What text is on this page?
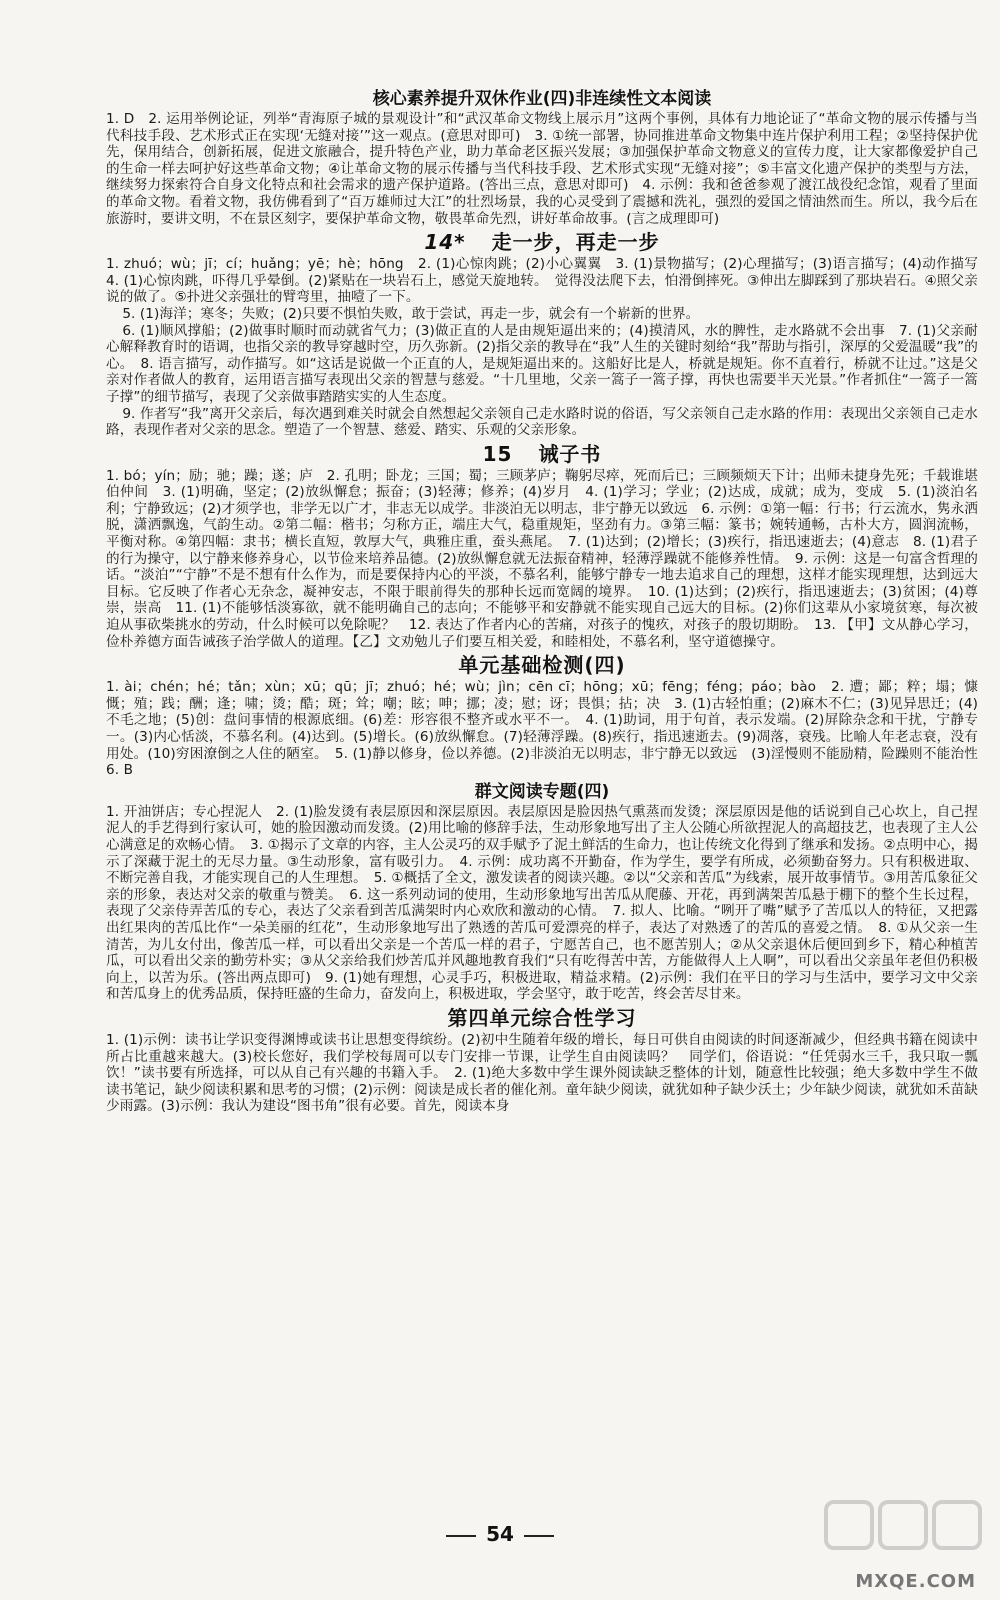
核心素养提升双休作业(四)非连续性文本阅读

1. D　2. 运用举例论证，列举“青海原子城的景观设计”和“武汉革命文物线上展示月”这两个事例，具体有力地论证了“革命文物的展示传播与当代科技手段、艺术形式正在实现‘无缝对接’”这一观点。(意思对即可)　3. ①统一部署，协同推进革命文物集中连片保护利用工程；②坚持保护优先，保用结合，创新拓展，促进文旅融合，提升特色产业，助力革命老区振兴发展；③加强保护革命文物意义的宣传力度，让大家都像爱护自己的生命一样去呵护好这些革命文物；④让革命文物的展示传播与当代科技手段、艺术形式实现“无缝对接”；⑤丰富文化遗产保护的类型与方法，继续努力探索符合自身文化特点和社会需求的遗产保护道路。(答出三点，意思对即可)　4. 示例：我和爸爸参观了渡江战役纪念馆，观看了里面的革命文物。看着文物，我仿佛看到了“百万雄师过大江”的壮烈场景，我的心灵受到了震撼和洗礼，强烈的爱国之情油然而生。所以，我今后在旅游时，要讲文明，不在景区刻字，要保护革命文物，敬畏革命先烈，讲好革命故事。(言之成理即可)

14* 走一步，再走一步

1. zhuó；wù；jī；cí；huǎng；yē；hè；hōng　2. (1)心惊肉跳；(2)小心翼翼　3. (1)景物描写；(2)心理描写；(3)语言描写；(4)动作描写　4. (1)心惊肉跳，吓得几乎晕倒。(2)紧贴在一块岩石上，感觉天旋地转。　觉得没法爬下去，怕滑倒摔死。③伸出左脚踩到了那块岩石。④照父亲说的做了。⑤扑进父亲强壮的臂弯里，抽噎了一下。

5. (1)海洋；寒冬；失败；(2)只要不惧怕失败，敢于尝试，再走一步，就会有一个崭新的世界。

6. (1)顺风撑船；(2)做事时顺时而动就省气力；(3)做正直的人是由规矩逼出来的；(4)摸清风，水的脾性，走水路就不会出事　7. (1)父亲耐心解释教育时的语调，也指父亲的教导穿越时空，历久弥新。(2)指父亲的教导在“我”人生的关键时刻给“我”帮助与指引，深厚的父爱温暖“我”的心。　8. 语言描写，动作描写。如“这话是说做一个正直的人，是规矩逼出来的。这船好比是人，桥就是规矩。你不直着行，桥就不让过。”这是父亲对作者做人的教育，运用语言描写表现出父亲的智慧与慈爱。“十几里地，父亲一篙子一篙子撑，再快也需要半天光景。”作者抓住“一篙子一篙子撑”的细节描写，表现了父亲做事踏踏实实的人生态度。

9. 作者写“我”离开父亲后，每次遇到难关时就会自然想起父亲领自己走水路时说的俗语，写父亲领自己走水路的作用：表现出父亲领自己走水路，表现作者对父亲的思念。塑造了一个智慧、慈爱、踏实、乐观的父亲形象。

15 诫子书

1. bó；yín；励；驰；躁；遂；庐　2. 孔明；卧龙；三国；蜀；三顾茅庐；鞠躬尽瘁，死而后已；三顾频烦天下计；出师未捷身先死；千载谁堪伯仲间　3. (1)明确，坚定；(2)放纵懈怠；振奋；(3)轻薄；修养；(4)岁月　4. (1)学习；学业；(2)达成，成就；成为，变成　5. (1)淡泊名利；宁静致远；(2)才须学也，非学无以广才，非志无以成学。非淡泊无以明志，非宁静无以致远　6. 示例：①第一幅：行书；行云流水，隽永洒脱，潇洒飘逸，气韵生动。②第二幅：楷书；匀称方正，端庄大气，稳重规矩，坚劲有力。③第三幅：篆书；婉转通畅，古朴大方，圆润流畅，平衡对称。④第四幅：隶书；横长直短，敦厚大气，典雅庄重，蚕头燕尾。　7. (1)达到；(2)增长；(3)疾行，指迅速逝去；(4)意志　8. (1)君子的行为操守，以宁静来修养身心，以节俭来培养品德。(2)放纵懈怠就无法振奋精神，轻薄浮躁就不能修养性情。　9. 示例：这是一句富含哲理的话。“淡泊”“宁静”不是不想有什么作为，而是要保持内心的平淡，不慕名利，能够宁静专一地去追求自己的理想，这样才能实现理想，达到远大目标。它反映了作者心无杂念，凝神安志，不限于眼前得失的那种长远而宽阔的境界。　10. (1)达到；(2)疾行，指迅速逝去；(3)贫困；(4)尊崇，崇高　11. (1)不能够恬淡寡欲，就不能明确自己的志向；不能够平和安静就不能实现自己远大的目标。(2)你们这辈从小家境贫寒，每次被迫从事砍柴挑水的劳动，什么时候可以免除呢？　12. 表达了作者内心的苦痛，对孩子的愧疚，对孩子的殷切期盼。　13. 【甲】文从静心学习，俭朴养德方面告诫孩子治学做人的道理。【乙】文劝勉儿子们要互相关爱，和睦相处，不慕名利，坚守道德操守。

单元基础检测(四)

1. ài；chén；hé；tǎn；xùn；xū；qū；jī；zhuó；hé；wù；jìn；cēn cī；hōng；xū；fēng；féng；páo；bào　2. 遭；鄙；粹；塌；慷慨；殖；践；酬；逢；啸；烫；酷；斑；耸；嘲；眩；呻；挪；凌；慰；讶；畏惧；拈；决　3. (1)古轻怕重；(2)麻木不仁；(3)见异思迁；(4)不毛之地；(5)创：盘问事情的根源底细。(6)差：形容很不整齐或水平不一。　4. (1)助词，用于句首，表示发端。(2)屏除杂念和干扰，宁静专一。(3)内心恬淡，不慕名利。(4)达到。(5)增长。(6)放纵懈怠。(7)轻薄浮躁。(8)疾行，指迅速逝去。(9)凋落，衰残。比喻人年老志衰，没有用处。(10)穷困潦倒之人住的陋室。　5. (1)静以修身，俭以养德。(2)非淡泊无以明志，非宁静无以致远　(3)淫慢则不能励精，险躁则不能治性　6. B

群文阅读专题(四)

1. 开油饼店；专心捏泥人　2. (1)脸发烫有表层原因和深层原因。表层原因是脸因热气熏蒸而发烫；深层原因是他的话说到自己心坎上，自己捏泥人的手艺得到行家认可，她的脸因激动而发烫。(2)用比喻的修辞手法，生动形象地写出了主人公随心所欲捏泥人的高超技艺，也表现了主人公心满意足的欢畅心情。　3. ①揭示了文章的内容，主人公灵巧的双手赋予了泥土鲜活的生命力，也让传统文化得到了继承和发扬。②点明中心，揭示了深藏于泥土的无尽力量。③生动形象，富有吸引力。　4. 示例：成功离不开勤奋，作为学生，要学有所成，必须勤奋努力。只有积极进取、不断完善自我，才能实现自己的人生理想。　5. ①概括了全文，激发读者的阅读兴趣。②以“父亲和苦瓜”为线索，展开故事情节。③用苦瓜象征父亲的形象，表达对父亲的敬重与赞美。　6. 这一系列动词的使用，生动形象地写出苦瓜从爬藤、开花，再到满架苦瓜悬于棚下的整个生长过程，表现了父亲侍弄苦瓜的专心，表达了父亲看到苦瓜满架时内心欢欣和激动的心情。　7. 拟人、比喻。“咧开了嘴”赋予了苦瓜以人的特征，又把露出红果肉的苦瓜比作“一朵美丽的红花”，生动形象地写出了熟透的苦瓜可爱漂亮的样子，表达了对熟透了的苦瓜的喜爱之情。　8. ①从父亲一生清苦，为儿女付出，像苦瓜一样，可以看出父亲是一个苦瓜一样的君子，宁愿苦自己，也不愿苦别人；②从父亲退休后便回到乡下，精心种植苦瓜，可以看出父亲的勤劳朴实；③从父亲给我们炒苦瓜并风趣地教育我们“只有吃得苦中苦，方能做得人上人啊”，可以看出父亲虽年老但仍积极向上，以苦为乐。(答出两点即可)　9. (1)她有理想，心灵手巧，积极进取，精益求精。(2)示例：我们在平日的学习与生活中，要学习文中父亲和苦瓜身上的优秀品质，保持旺盛的生命力，奋发向上，积极进取，学会坚守，敢于吃苦，终会苦尽甘来。

第四单元综合性学习

1. (1)示例：读书让学识变得渊博或读书让思想变得缤纷。(2)初中生随着年级的增长，每日可供自由阅读的时间逐渐减少，但经典书籍在阅读中所占比重越来越大。(3)校长您好，我们学校每周可以专门安排一节课，让学生自由阅读吗？　同学们，俗语说：“任凭弱水三千，我只取一瓢饮！”读书要有所选择，可以从自己有兴趣的书籍入手。　2. (1)绝大多数中学生课外阅读缺乏整体的计划，随意性比较强；绝大多数中学生不做读书笔记，缺少阅读积累和思考的习惯；(2)示例：阅读是成长者的催化剂。童年缺少阅读，就犹如种子缺少沃土；少年缺少阅读，就犹如禾苗缺少雨露。(3)示例：我认为建设“图书角”很有必要。首先，阅读本身

54
MXQE.COM
